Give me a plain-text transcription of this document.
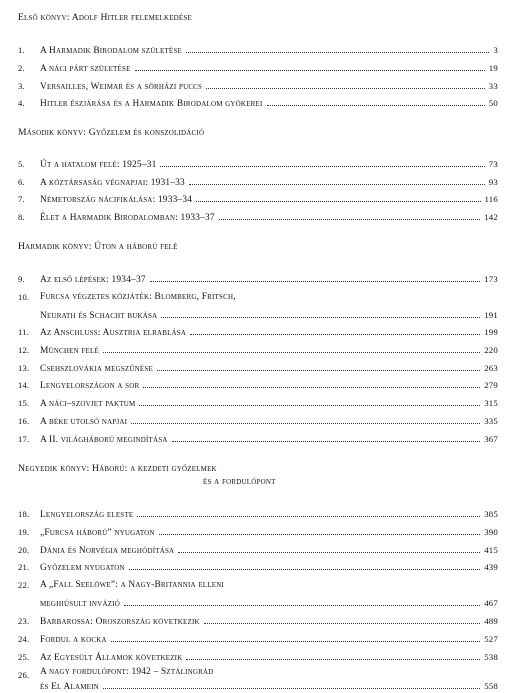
Első könyv: Adolf Hitler felemelkedése
1.	A Harmadik Birodalom születése	3
2.	A náci párt születése	19
3.	Versailles, Weimar és a sörházi puccs	33
4.	Hitler észjárása és a Harmadik Birodalom gyökerei	50
Második könyv: Győzelem és konszolidáció
5.	Út a hatalom felé: 1925–31	73
6.	A köztársaság végnapjai: 1931–33	93
7.	Németország nácifikálása: 1933–34	116
8.	Élet a Harmadik Birodalomban: 1933–37	142
Harmadik könyv: Úton a háború felé
9.	Az első lépések: 1934–37	173
10.	Furcsa végzetes közjáték: Blomberg, Fritsch,
Neurath és Schacht bukása	191
11.	Az Anschluss: Ausztria elrablása	199
12.	München felé	220
13.	Csehszlovákia megszűnése	263
14.	Lengyelországon a sor	279
15.	A náci–szovjet paktum	315
16.	A béke utolsó napjai	335
17.	A II. világháború megindítása	367
Negyedik könyv: Háború: a kezdeti győzelmek
és a fordulópont
18.	Lengyelország eleste	385
19.	„Furcsa háború” nyugaton	390
20.	Dánia és Norvégia meghódítása	415
21.	Győzelem nyugaton	439
22.	A „Fall Seelöwe”: a Nagy-Britannia elleni
meghiúsult invázió	467
23.	Barbarossa: Oroszország következik	489
24.	Fordul a kocka	527
25.	Az Egyesült Államok következik	538
26.	A nagy fordulópont: 1942 – Sztálingrád
és El Alamein	558
